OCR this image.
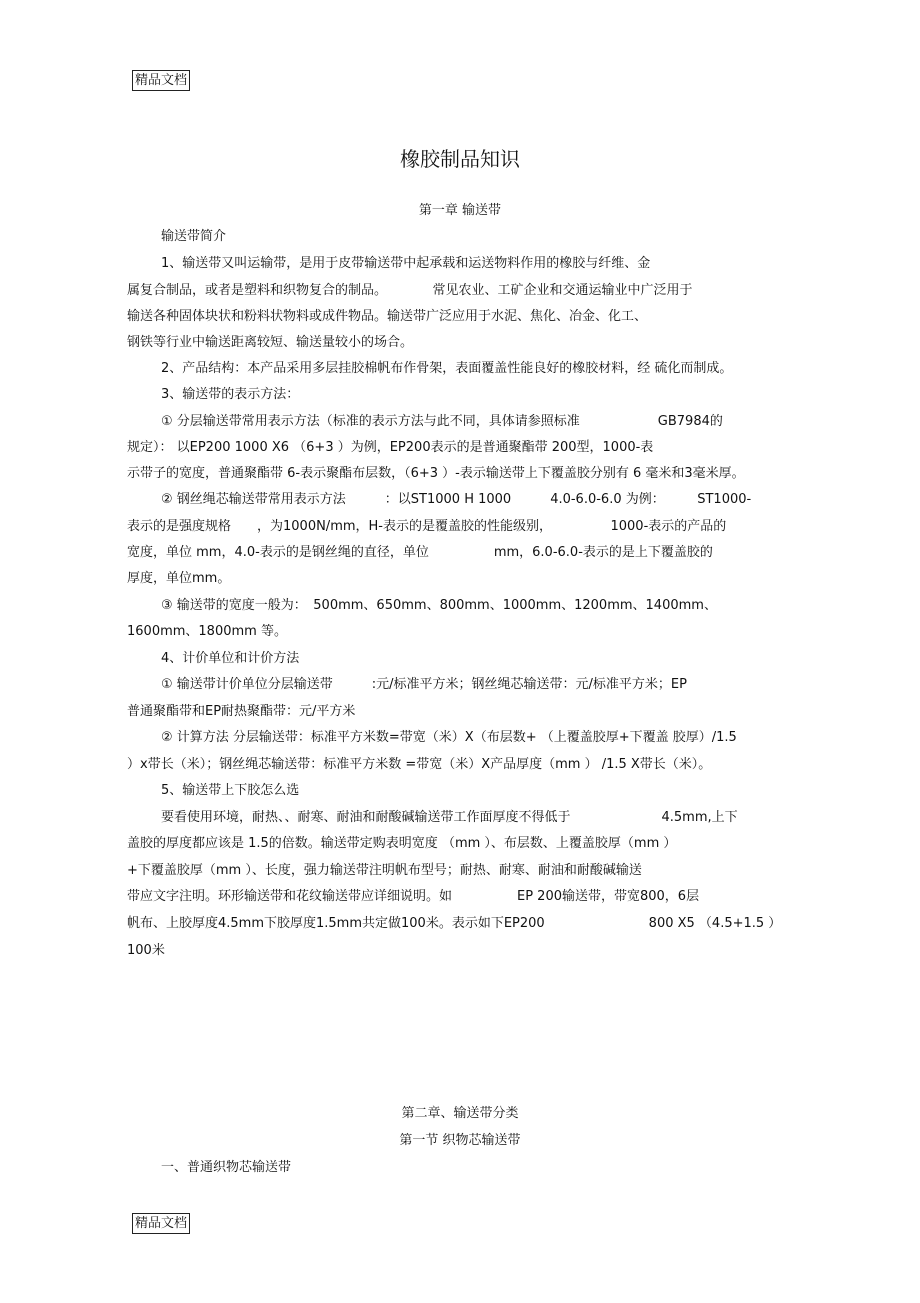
精品文档
橡胶制品知识
第一章 输送带
输送带简介
1、输送带又叫运输带，是用于皮带输送带中起承载和运送物料作用的橡胶与纤维、金
属复合制品，或者是塑料和织物复合的制品。　　　　常见农业、工矿企业和交通运输业中广泛用于
输送各种固体块状和粉料状物料或成件物品。输送带广泛应用于水泥、焦化、冶金、化工、
钢铁等行业中输送距离较短、输送量较小的场合。
2、产品结构：本产品采用多层挂胶棉帆布作骨架，表面覆盖性能良好的橡胶材料，经 硫化而制成。
3、输送带的表示方法：
① 分层输送带常用表示方法（标准的表示方法与此不同，具体请参照标准　　　　　　GB7984的
规定）： 以EP200 1000 X6 （6+3 ）为例，EP200表示的是普通聚酯带 200型，1000-表
示带子的宽度，普通聚酯带 6-表示聚酯布层数，（6+3 ）-表示输送带上下覆盖胶分别有 6 毫米和3毫米厚。
② 钢丝绳芯输送带常用表示方法　　　：以ST1000 H 1000　　　4.0-6.0-6.0 为例：　　　ST1000-
表示的是强度规格　　，为1000N/mm，H-表示的是覆盖胶的性能级别，　　　　　1000-表示的产品的
宽度，单位 mm，4.0-表示的是钢丝绳的直径，单位　　　　　mm，6.0-6.0-表示的是上下覆盖胶的
厚度，单位mm。
③ 输送带的宽度一般为：　500mm、650mm、800mm、1000mm、1200mm、1400mm、
1600mm、1800mm 等。
4、计价单位和计价方法
① 输送带计价单位分层输送带　　　:元/标准平方米；钢丝绳芯输送带：元/标准平方米；EP
普通聚酯带和EP耐热聚酯带：元/平方米
② 计算方法 分层输送带：标准平方米数=带宽（米）X（布层数+ （上覆盖胶厚+下覆盖 胶厚）/1.5
）x带长（米）；钢丝绳芯输送带：标准平方米数 =带宽（米）X产品厚度（mm ） /1.5 X带长（米）。
5、输送带上下胶怎么选
要看使用环境，耐热、、耐寒、耐油和耐酸碱输送带工作面厚度不得低于　　　　　　　4.5mm,上下
盖胶的厚度都应该是 1.5的倍数。输送带定购表明宽度 （mm ）、布层数、上覆盖胶厚（mm ）
+下覆盖胶厚（mm ）、长度，强力输送带注明帆布型号；耐热、耐寒、耐油和耐酸碱输送
带应文字注明。环形输送带和花纹输送带应详细说明。如　　　　　EP 200输送带，带宽800，6层
帆布、上胶厚度4.5mm下胶厚度1.5mm共定做100米。表示如下EP200　　　　　　　　800 X5 （4.5+1.5 ）
100米
第二章、输送带分类
第一节 织物芯输送带
一、普通织物芯输送带
精品文档
